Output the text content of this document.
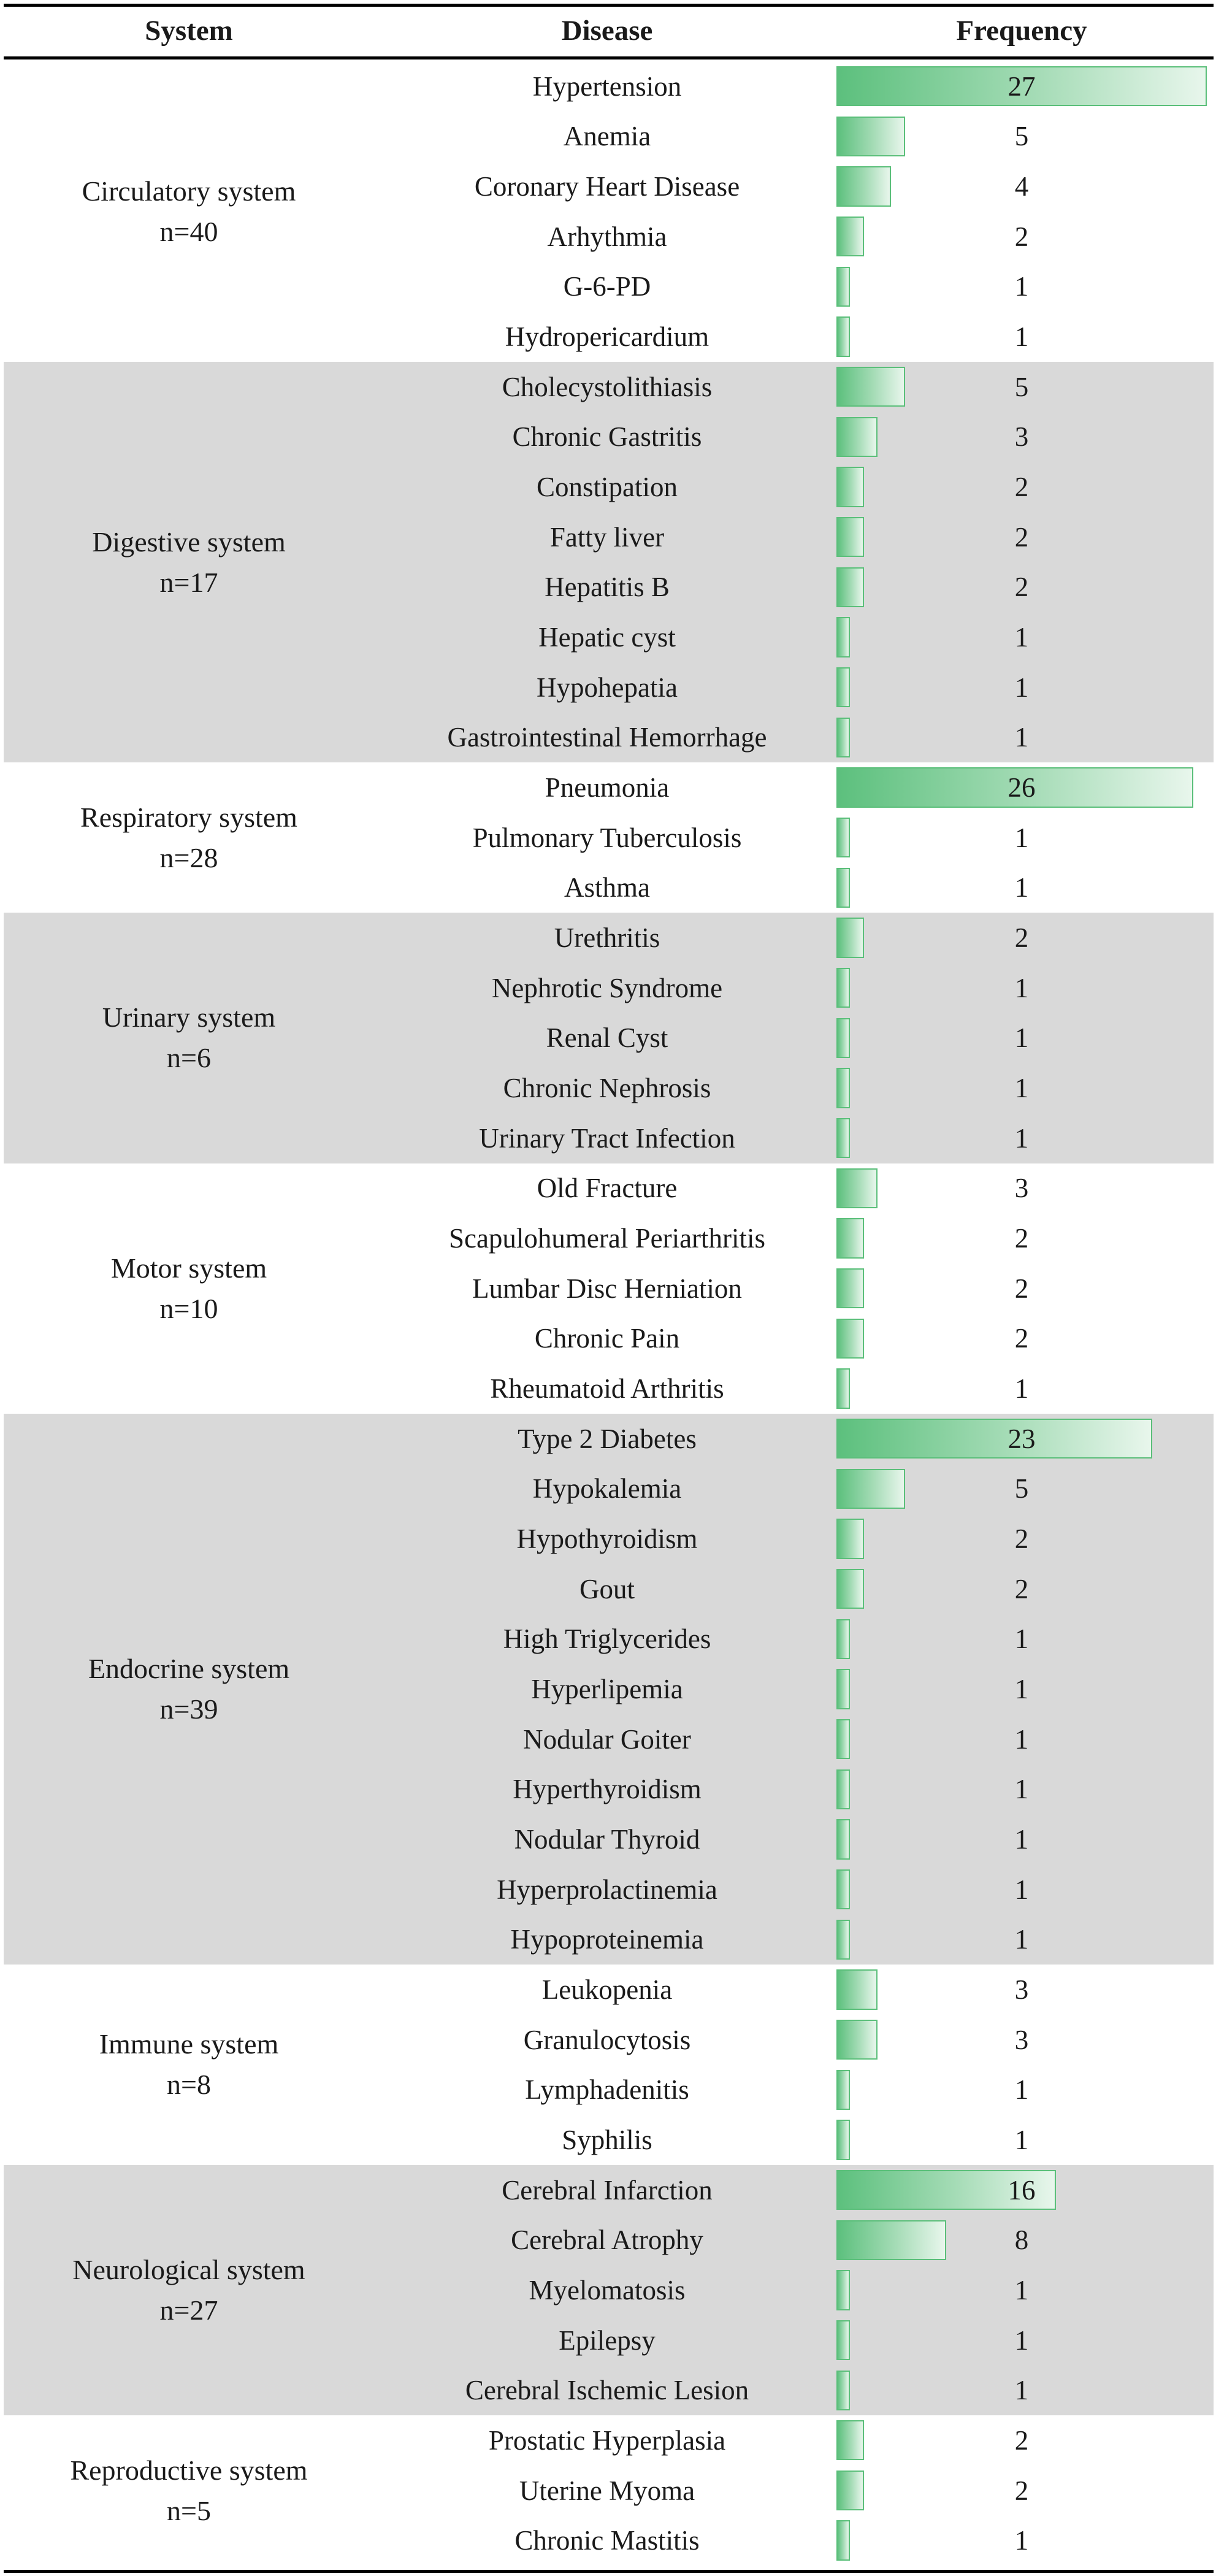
System	Disease	Frequency
Circulatory system
n=40
Hypertension	27
Anemia	5
Coronary Heart Disease	4
Arhythmia	2
G-6-PD	1
Hydropericardium	1
Digestive system
n=17
Cholecystolithiasis	5
Chronic Gastritis	3
Constipation	2
Fatty liver	2
Hepatitis B	2
Hepatic cyst	1
Hypohepatia	1
Gastrointestinal Hemorrhage	1
Respiratory system
n=28
Pneumonia	26
Pulmonary Tuberculosis	1
Asthma	1
Urinary system
n=6
Urethritis	2
Nephrotic Syndrome	1
Renal Cyst	1
Chronic Nephrosis	1
Urinary Tract Infection	1
Motor system
n=10
Old Fracture	3
Scapulohumeral Periarthritis	2
Lumbar Disc Herniation	2
Chronic Pain	2
Rheumatoid Arthritis	1
Endocrine system
n=39
Type 2 Diabetes	23
Hypokalemia	5
Hypothyroidism	2
Gout	2
High Triglycerides	1
Hyperlipemia	1
Nodular Goiter	1
Hyperthyroidism	1
Nodular Thyroid	1
Hyperprolactinemia	1
Hypoproteinemia	1
Immune system
n=8
Leukopenia	3
Granulocytosis	3
Lymphadenitis	1
Syphilis	1
Neurological system
n=27
Cerebral Infarction	16
Cerebral Atrophy	8
Myelomatosis	1
Epilepsy	1
Cerebral Ischemic Lesion	1
Reproductive system
n=5
Prostatic Hyperplasia	2
Uterine Myoma	2
Chronic Mastitis	1
